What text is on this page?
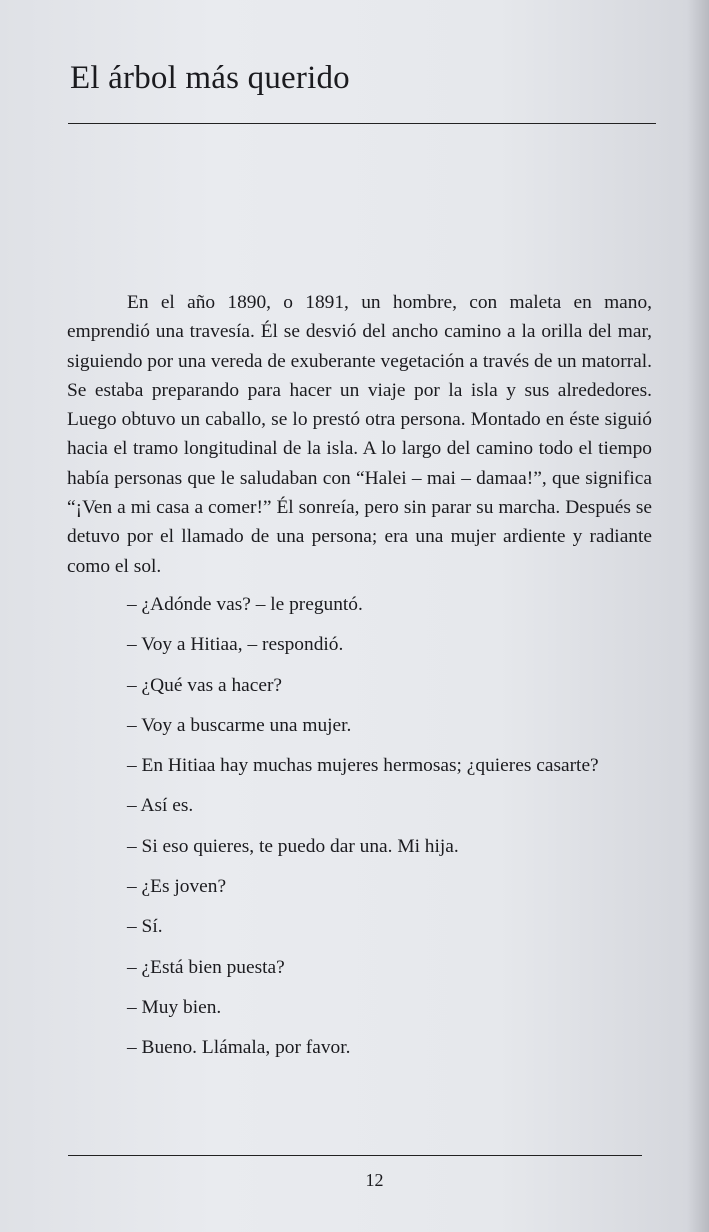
El árbol más querido

En el año 1890, o 1891, un hombre, con maleta en mano, emprendió una travesía. Él se desvió del ancho camino a la orilla del mar, siguiendo por una vereda de exuberante vegetación a través de un matorral. Se estaba preparando para hacer un viaje por la isla y sus alrededores. Luego obtuvo un caballo, se lo prestó otra persona. Montado en éste siguió hacia el tramo longitudinal de la isla. A lo largo del camino todo el tiempo había personas que le saludaban con “Halei – mai – damaa!”, que significa “¡Ven a mi casa a comer!” Él sonreía, pero sin parar su marcha. Después se detuvo por el llamado de una persona; era una mujer ardiente y radiante como el sol.

– ¿Adónde vas? – le preguntó.

– Voy a Hitiaa, – respondió.

– ¿Qué vas a hacer?

– Voy a buscarme una mujer.

– En Hitiaa hay muchas mujeres hermosas; ¿quieres casarte?

– Así es.

– Si eso quieres, te puedo dar una. Mi hija.

– ¿Es joven?

– Sí.

– ¿Está bien puesta?

– Muy bien.

– Bueno. Llámala, por favor.

12
